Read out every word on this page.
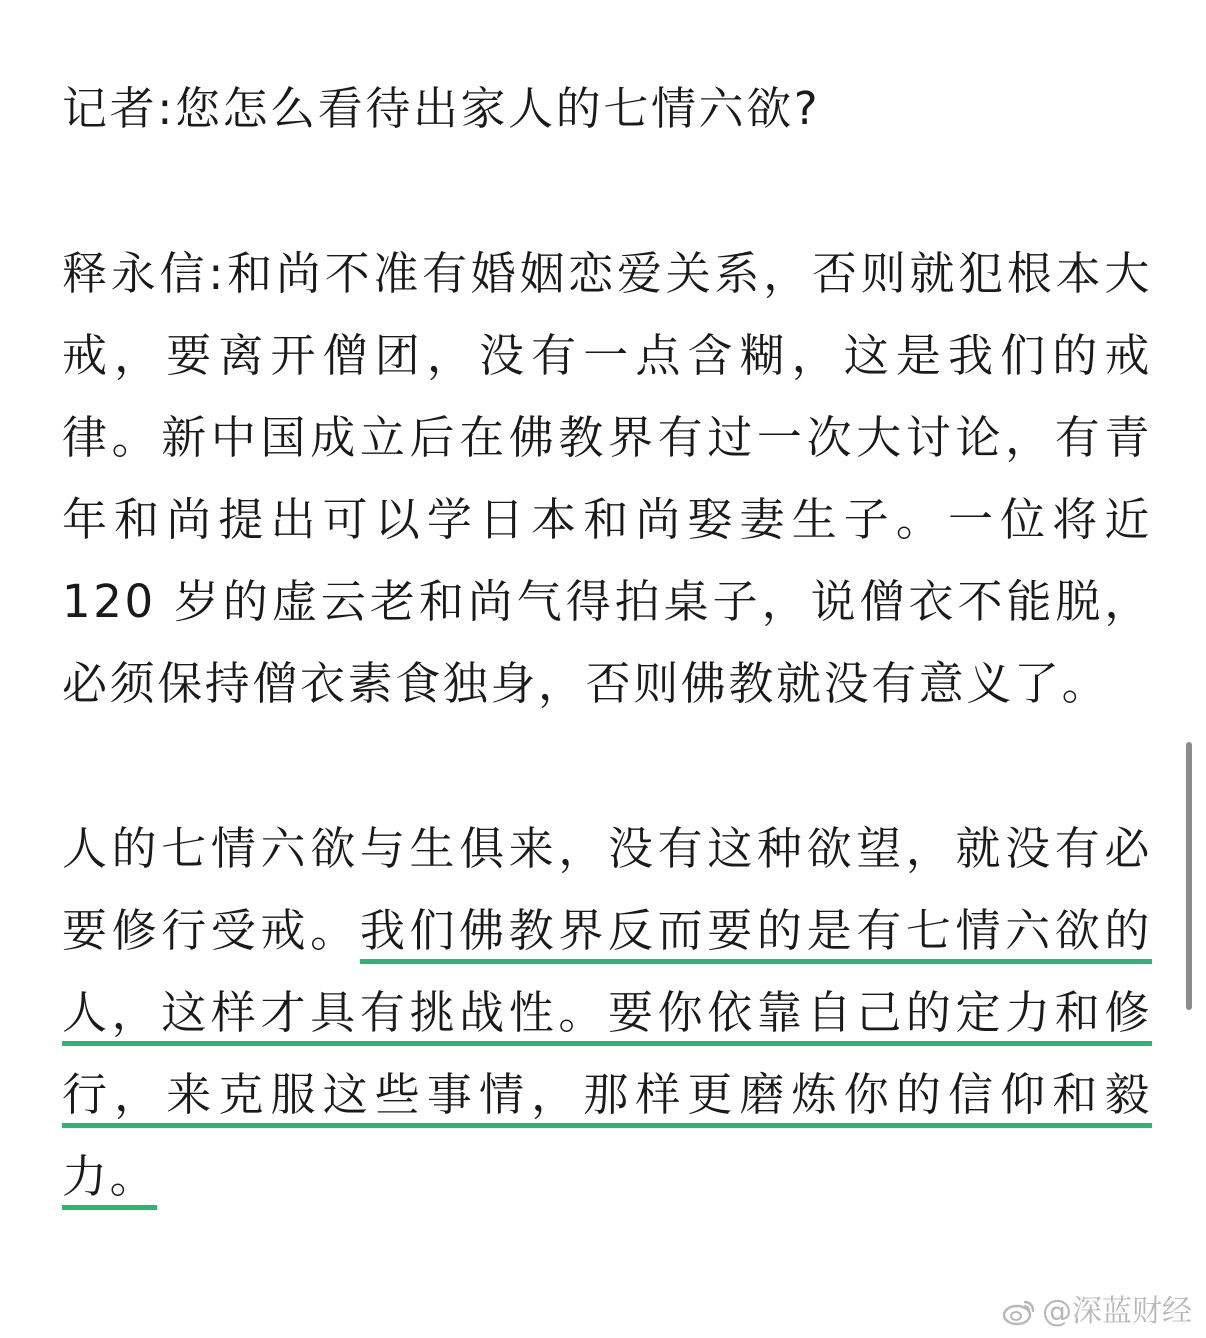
记者:您怎么看待出家人的七情六欲?

释永信:和尚不准有婚姻恋爱关系，否则就犯根本大戒，要离开僧团，没有一点含糊，这是我们的戒律。新中国成立后在佛教界有过一次大讨论，有青年和尚提出可以学日本和尚娶妻生子。一位将近 120 岁的虚云老和尚气得拍桌子，说僧衣不能脱，必须保持僧衣素食独身，否则佛教就没有意义了。

人的七情六欲与生俱来，没有这种欲望，就没有必要修行受戒。我们佛教界反而要的是有七情六欲的人，这样才具有挑战性。要你依靠自己的定力和修行，来克服这些事情，那样更磨炼你的信仰和毅力。

@深蓝财经
